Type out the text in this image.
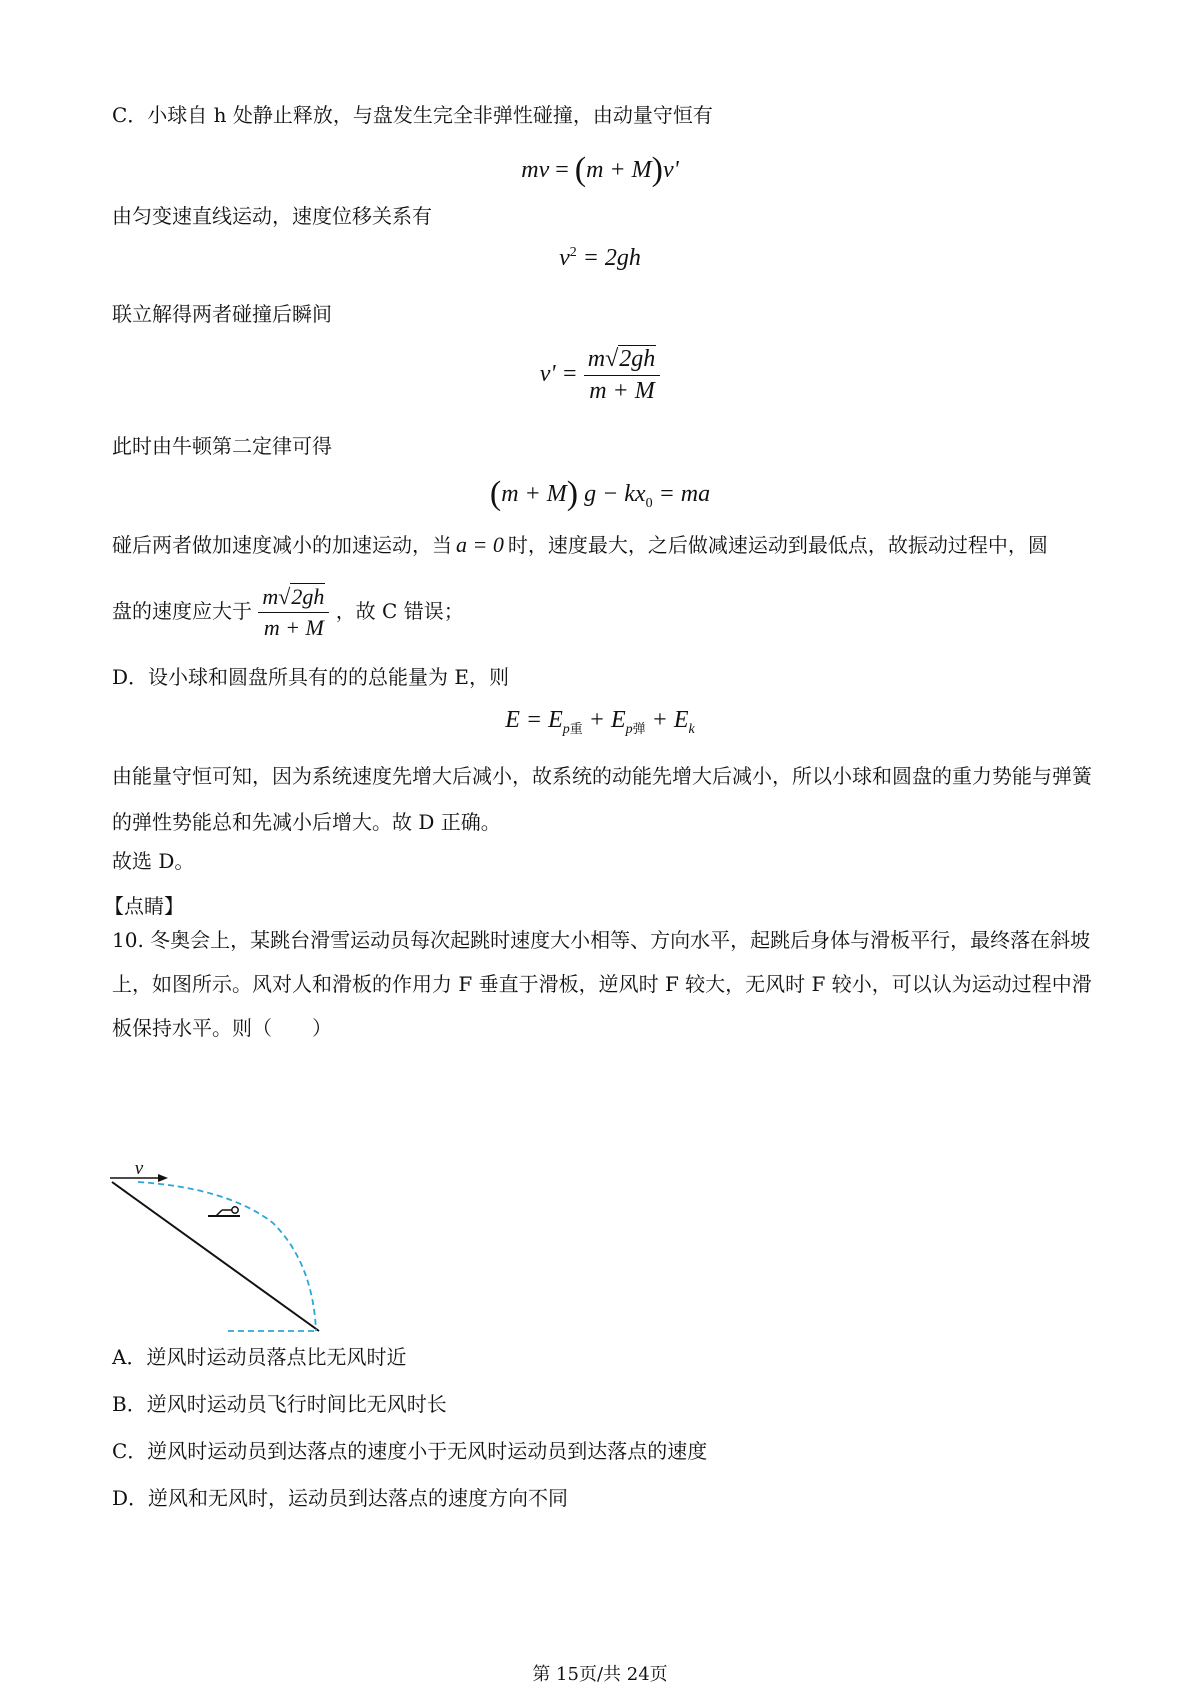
C．小球自 h 处静止释放，与盘发生完全非弹性碰撞，由动量守恒有
mv = (m + M)v'
由匀变速直线运动，速度位移关系有
$v^2 = 2gh$
联立解得两者碰撞后瞬间
$v' = \frac{m√2gh}{m + M}$
此时由牛顿第二定律可得
(m + M) $g - kx_0$ = ma
碰后两者做加速度减小的加速运动，当 a = 0 时，速度最大，之后做减速运动到最低点，故振动过程中，圆
盘的速度应大于 $\frac{m√2gh}{m + M}$ ，故 C 错误；
D．设小球和圆盘所具有的的总能量为 E，则
$E = E_{p重} + E_{p弹} + E_k$
由能量守恒可知，因为系统速度先增大后减小，故系统的动能先增大后减小，所以小球和圆盘的重力势能与弹簧的弹性势能总和先减小后增大。故 D 正确。
故选 D。
【点睛】
10. 冬奥会上，某跳台滑雪运动员每次起跳时速度大小相等、方向水平，起跳后身体与滑板平行，最终落在斜坡上，如图所示。风对人和滑板的作用力 F 垂直于滑板，逆风时 F 较大，无风时 F 较小，可以认为运动过程中滑板保持水平。则（　　）
v
A．逆风时运动员落点比无风时近
B．逆风时运动员飞行时间比无风时长
C．逆风时运动员到达落点的速度小于无风时运动员到达落点的速度
D．逆风和无风时，运动员到达落点的速度方向不同
第 15页/共 24页
